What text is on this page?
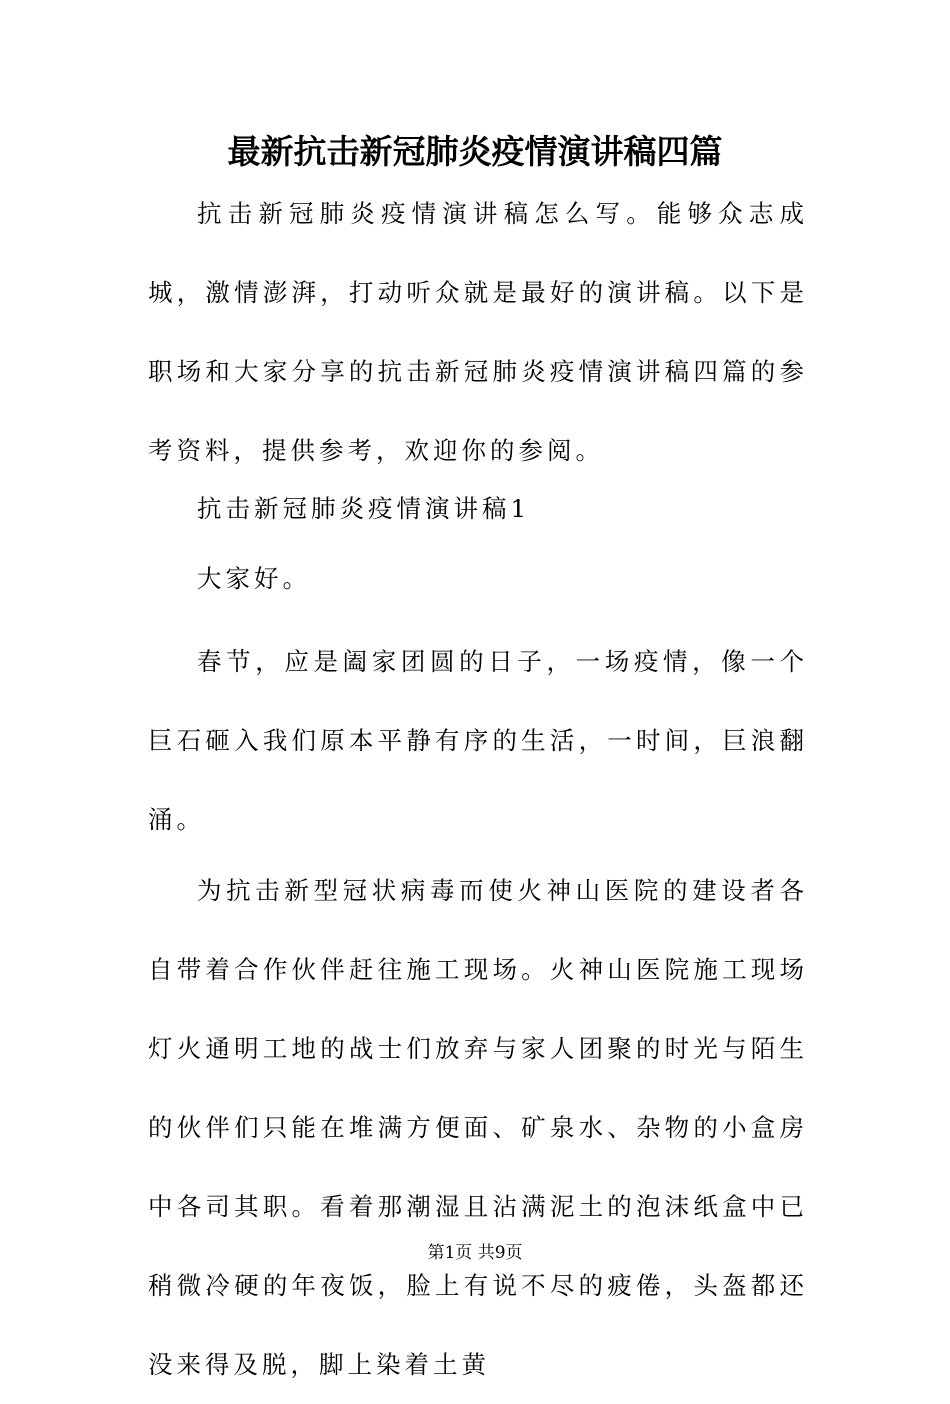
最新抗击新冠肺炎疫情演讲稿四篇

抗击新冠肺炎疫情演讲稿怎么写。能够众志成城，激情澎湃，打动听众就是最好的演讲稿。以下是职场和大家分享的抗击新冠肺炎疫情演讲稿四篇的参考资料，提供参考，欢迎你的参阅。

抗击新冠肺炎疫情演讲稿1

大家好。

春节，应是阖家团圆的日子，一场疫情，像一个巨石砸入我们原本平静有序的生活，一时间，巨浪翻涌。

为抗击新型冠状病毒而使火神山医院的建设者各自带着合作伙伴赶往施工现场。火神山医院施工现场灯火通明工地的战士们放弃与家人团聚的时光与陌生的伙伴们只能在堆满方便面、矿泉水、杂物的小盒房中各司其职。看着那潮湿且沾满泥土的泡沫纸盒中已稍微冷硬的年夜饭，脸上有说不尽的疲倦，头盔都还没来得及脱，脚上染着土黄

第1页 共9页
